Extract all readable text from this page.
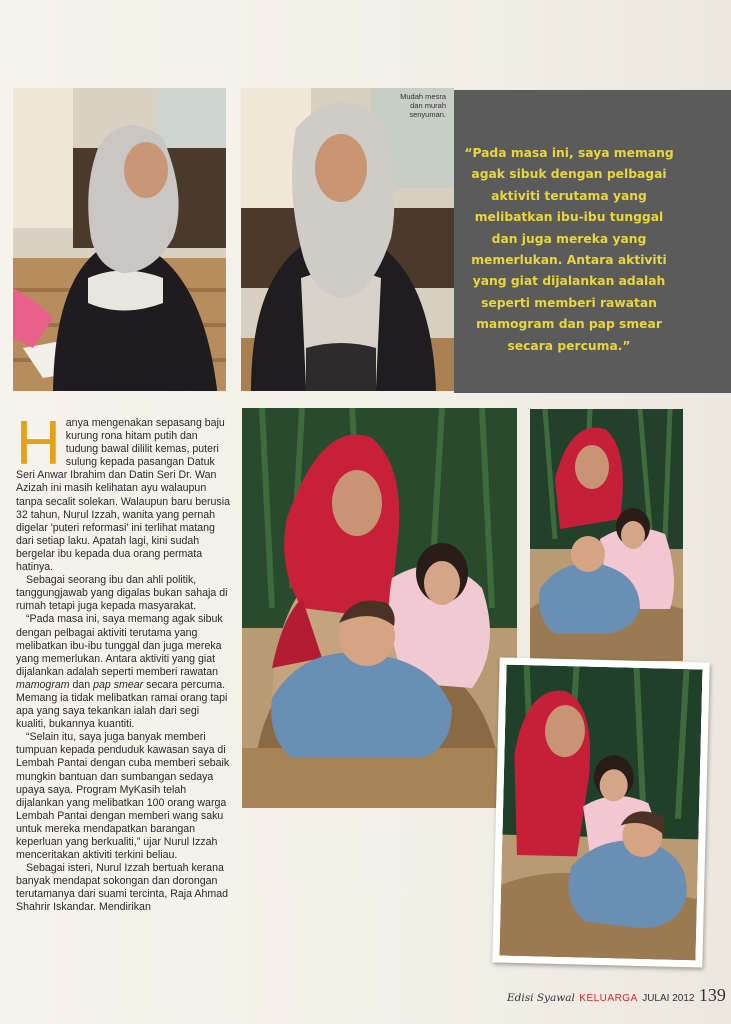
Mudah mesra
dan murah
senyuman.
“Pada masa ini, saya memang agak sibuk dengan pelbagai aktiviti terutama yang melibatkan ibu-ibu tunggal dan juga mereka yang memerlukan. Antara aktiviti yang giat dijalankan adalah seperti memberi rawatan mamogram dan pap smear secara percuma.”

Hanya mengenakan sepasang baju kurung rona hitam putih dan tudung bawal dililit kemas, puteri sulung kepada pasangan Datuk Seri Anwar Ibrahim dan Datin Seri Dr. Wan Azizah ini masih kelihatan ayu walaupun tanpa secalit solekan. Walaupun baru berusia 32 tahun, Nurul Izzah, wanita yang pernah digelar 'puteri reformasi' ini terlihat matang dari setiap laku. Apatah lagi, kini sudah bergelar ibu kepada dua orang permata hatinya.

Sebagai seorang ibu dan ahli politik, tanggungjawab yang digalas bukan sahaja di rumah tetapi juga kepada masyarakat.

“Pada masa ini, saya memang agak sibuk dengan pelbagai aktiviti terutama yang melibatkan ibu-ibu tunggal dan juga mereka yang memerlukan. Antara aktiviti yang giat dijalankan adalah seperti memberi rawatan mamogram dan pap smear secara percuma. Memang ia tidak melibatkan ramai orang tapi apa yang saya tekankan ialah dari segi kualiti, bukannya kuantiti.

“Selain itu, saya juga banyak memberi tumpuan kepada penduduk kawasan saya di Lembah Pantai dengan cuba memberi sebaik mungkin bantuan dan sumbangan sedaya upaya saya. Program MyKasih telah dijalankan yang melibatkan 100 orang warga Lembah Pantai dengan memberi wang saku untuk mereka mendapatkan barangan keperluan yang berkualiti,” ujar Nurul Izzah menceritakan aktiviti terkini beliau.

Sebagai isteri, Nurul Izzah bertuah kerana banyak mendapat sokongan dan dorongan terutamanya dari suami tercinta, Raja Ahmad Shahrir Iskandar. Mendirikan

Edisi Syawal KELUARGA JULAI 2012 139
